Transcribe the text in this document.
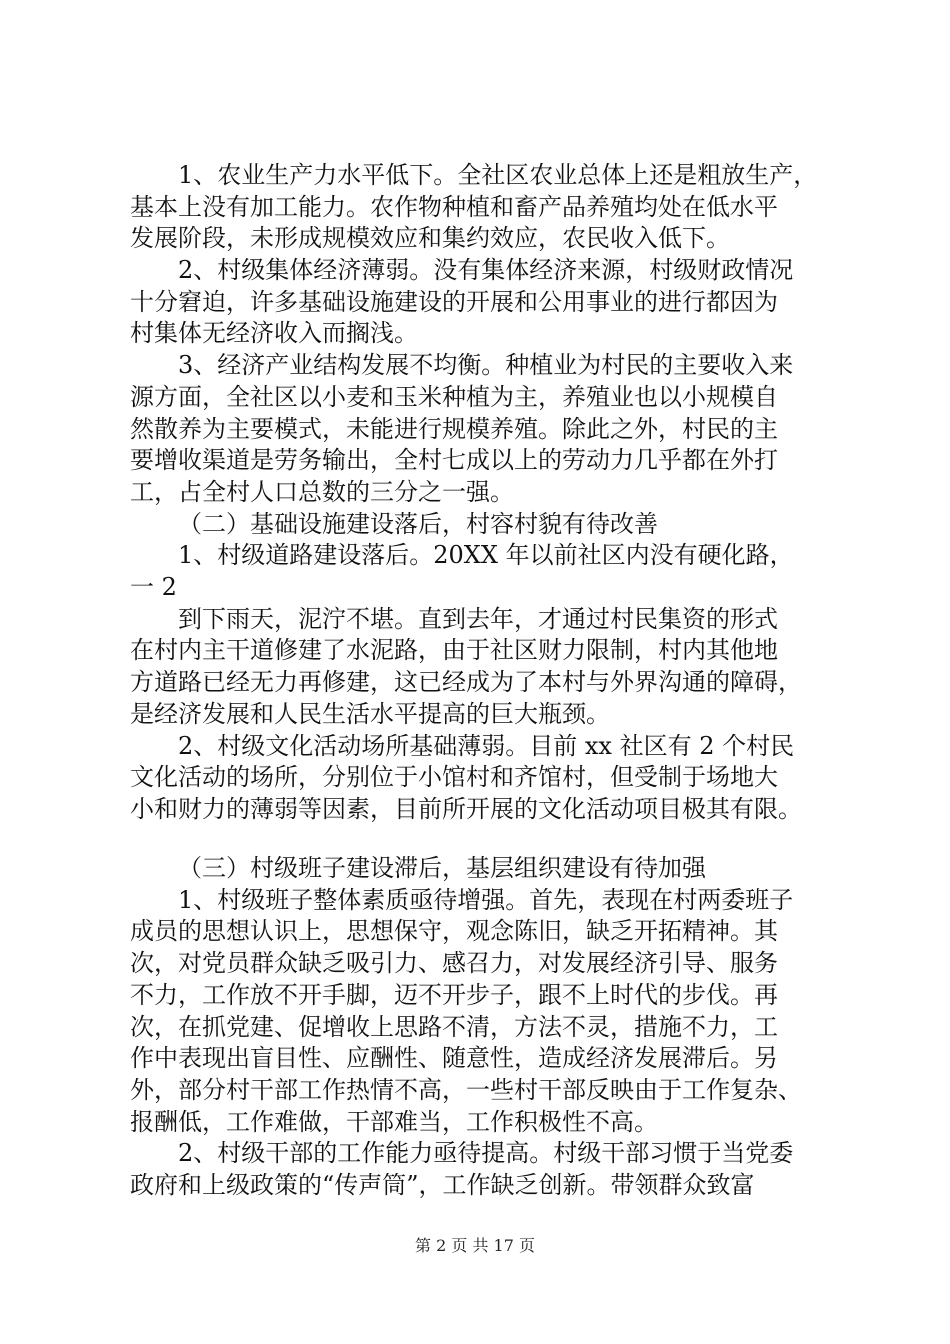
1、农业生产力水平低下。全社区农业总体上还是粗放生产，
基本上没有加工能力。农作物种植和畜产品养殖均处在低水平
发展阶段，未形成规模效应和集约效应，农民收入低下。
2、村级集体经济薄弱。没有集体经济来源，村级财政情况
十分窘迫，许多基础设施建设的开展和公用事业的进行都因为
村集体无经济收入而搁浅。
3、经济产业结构发展不均衡。种植业为村民的主要收入来
源方面，全社区以小麦和玉米种植为主，养殖业也以小规模自
然散养为主要模式，未能进行规模养殖。除此之外，村民的主
要增收渠道是劳务输出，全村七成以上的劳动力几乎都在外打
工，占全村人口总数的三分之一强。
（二）基础设施建设落后，村容村貌有待改善
1、村级道路建设落后。20XX 年以前社区内没有硬化路，
一 2
到下雨天，泥泞不堪。直到去年，才通过村民集资的形式
在村内主干道修建了水泥路，由于社区财力限制，村内其他地
方道路已经无力再修建，这已经成为了本村与外界沟通的障碍，
是经济发展和人民生活水平提高的巨大瓶颈。
2、村级文化活动场所基础薄弱。目前 xx 社区有 2 个村民
文化活动的场所，分别位于小馆村和齐馆村，但受制于场地大
小和财力的薄弱等因素，目前所开展的文化活动项目极其有限。
（三）村级班子建设滞后，基层组织建设有待加强
1、村级班子整体素质亟待增强。首先，表现在村两委班子
成员的思想认识上，思想保守，观念陈旧，缺乏开拓精神。其
次，对党员群众缺乏吸引力、感召力，对发展经济引导、服务
不力，工作放不开手脚，迈不开步子，跟不上时代的步伐。再
次，在抓党建、促增收上思路不清，方法不灵，措施不力，工
作中表现出盲目性、应酬性、随意性，造成经济发展滞后。另
外，部分村干部工作热情不高，一些村干部反映由于工作复杂、
报酬低，工作难做，干部难当，工作积极性不高。
2、村级干部的工作能力亟待提高。村级干部习惯于当党委
政府和上级政策的“传声筒”，工作缺乏创新。带领群众致富
第 2 页 共 17 页
